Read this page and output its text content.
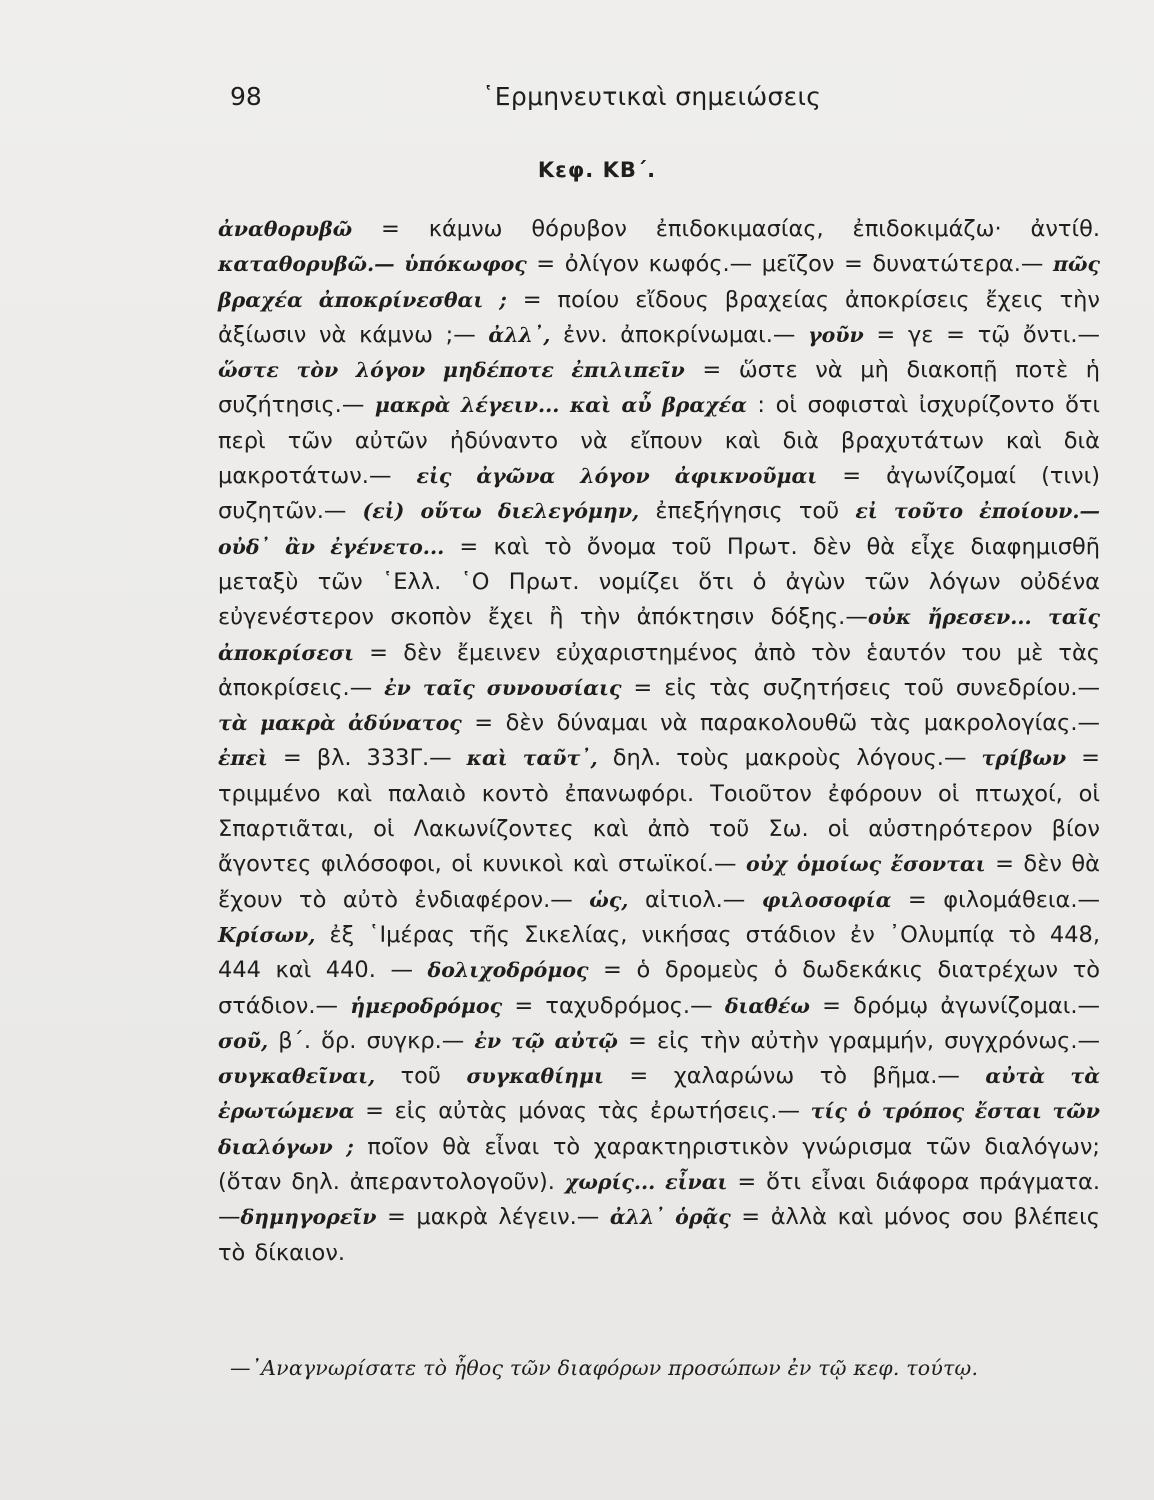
98	῾Ερμηνευτικαὶ σημειώσεις
Κεφ. ΚΒ΄.
ἀναθορυβῶ = κάμνω θόρυβον ἐπιδοκιμασίας, ἐπιδοκιμάζω· ἀντίθ. καταθορυβῶ.— ὑπόκωφος = ὀλίγον κωφός.— μεῖζον = δυνατώτερα.— πῶς βραχέα ἀποκρίνεσθαι ; = ποίου εἴδους βραχείας ἀποκρίσεις ἔχεις τὴν ἀξίωσιν νὰ κάμνω ;— ἀλλ᾽, ἐνν. ἀποκρίνωμαι.— γοῦν = γε = τῷ ὄντι.— ὥστε τὸν λόγον μηδέποτε ἐπιλιπεῖν = ὥστε νὰ μὴ διακοπῇ ποτὲ ἡ συζήτησις.— μακρὰ λέγειν... καὶ αὖ βραχέα : οἱ σοφισταὶ ἰσχυρίζοντο ὅτι περὶ τῶν αὐτῶν ἠδύναντο νὰ εἴπουν καὶ διὰ βραχυτάτων καὶ διὰ μακροτάτων.— εἰς ἀγῶνα λόγον ἀφικνοῦμαι = ἀγωνίζομαί (τινι) συζητῶν.— (εἰ) οὕτω διελεγόμην, ἐπεξήγησις τοῦ εἰ τοῦτο ἐποίουν.— οὐδ᾽ ἂν ἐγένετο... = καὶ τὸ ὄνομα τοῦ Πρωτ. δὲν θὰ εἶχε διαφημισθῆ μεταξὺ τῶν ῾Ελλ. ῾Ο Πρωτ. νομίζει ὅτι ὁ ἀγὼν τῶν λόγων οὐδένα εὐγενέστερον σκοπὸν ἔχει ἢ τὴν ἀπόκτησιν δόξης.—οὐκ ἤρεσεν... ταῖς ἀποκρίσεσι = δὲν ἔμεινεν εὐχαριστημένος ἀπὸ τὸν ἑαυτόν του μὲ τὰς ἀποκρίσεις.— ἐν ταῖς συνουσίαις = εἰς τὰς συζητήσεις τοῦ συνεδρίου.— τὰ μακρὰ ἀδύνατος = δὲν δύναμαι νὰ παρακολουθῶ τὰς μακρολογίας.— ἐπεὶ = βλ. 333Γ.— καὶ ταῦτ᾽, δηλ. τοὺς μακροὺς λόγους.— τρίβων = τριμμένο καὶ παλαιὸ κοντὸ ἐπανωφόρι. Τοιοῦτον ἐφόρουν οἱ πτωχοί, οἱ Σπαρτιᾶται, οἱ Λακωνίζοντες καὶ ἀπὸ τοῦ Σω. οἱ αὐστηρότερον βίον ἄγοντες φιλόσοφοι, οἱ κυνικοὶ καὶ στωϊκοί.— οὐχ ὁμοίως ἔσονται = δὲν θὰ ἔχουν τὸ αὐτὸ ἐνδιαφέρον.— ὡς, αἰτιολ.— φιλοσοφία = φιλομάθεια.— Κρίσων, ἐξ ῾Ιμέρας τῆς Σικελίας, νικήσας στάδιον ἐν ᾽Ολυμπίᾳ τὸ 448, 444 καὶ 440. — δολιχοδρόμος = ὁ δρομεὺς ὁ δωδεκάκις διατρέχων τὸ στάδιον.— ἡμεροδρόμος = ταχυδρόμος.— διαθέω = δρόμῳ ἀγωνίζομαι.— σοῦ, β΄. ὅρ. συγκρ.— ἐν τῷ αὐτῷ = εἰς τὴν αὐτὴν γραμμήν, συγχρόνως.— συγκαθεῖναι, τοῦ συγκαθίημι = χαλαρώνω τὸ βῆμα.— αὐτὰ τὰ ἐρωτώμενα = εἰς αὐτὰς μόνας τὰς ἐρωτήσεις.— τίς ὁ τρόπος ἔσται τῶν διαλόγων ; ποῖον θὰ εἶναι τὸ χαρακτηριστικὸν γνώρισμα τῶν διαλόγων; (ὅταν δηλ. ἀπεραντολογοῦν). χωρίς... εἶναι = ὅτι εἶναι διάφορα πράγματα.—δημηγορεῖν = μακρὰ λέγειν.— ἀλλ᾽ ὁρᾷς = ἀλλὰ καὶ μόνος σου βλέπεις τὸ δίκαιον.
—᾽Αναγνωρίσατε τὸ ἦθος τῶν διαφόρων προσώπων ἐν τῷ κεφ. τούτῳ.
